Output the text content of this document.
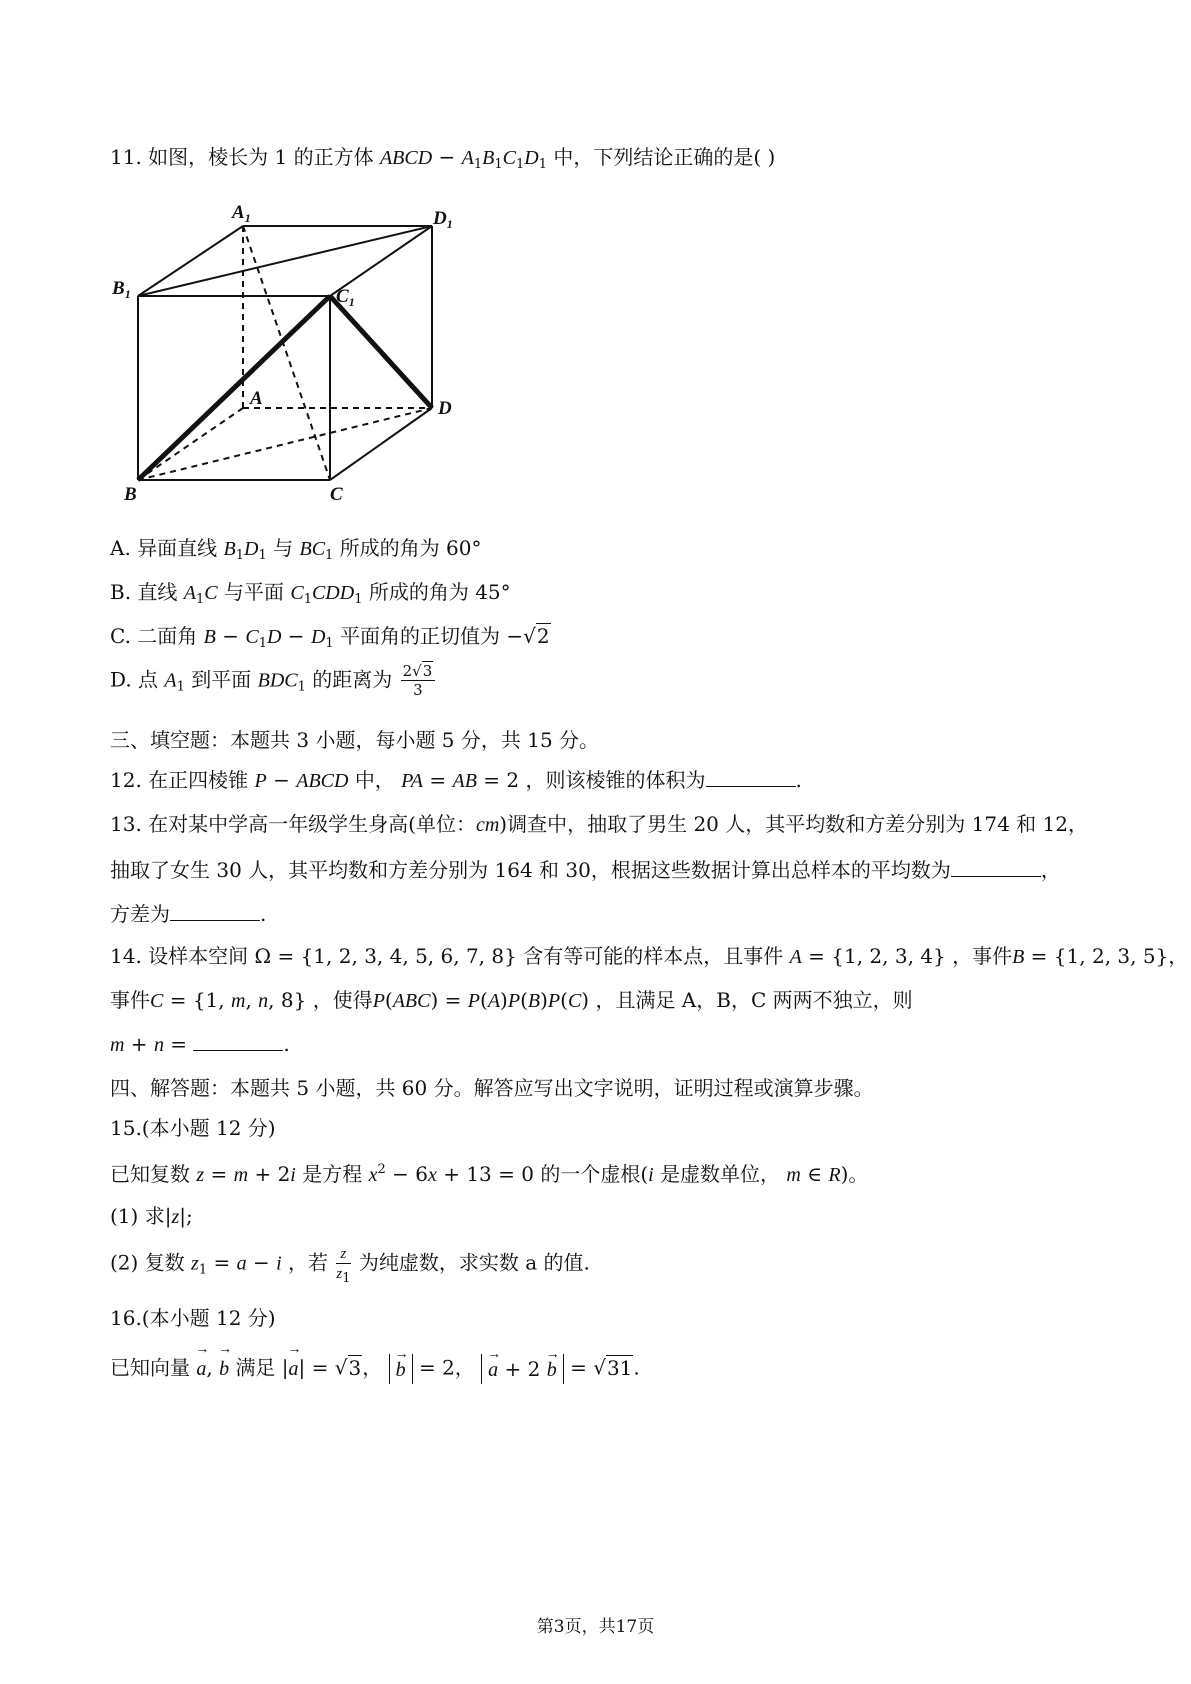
11. 如图，棱长为 1 的正方体 ABCD − $A_1B_1C_1D_1$ 中，下列结论正确的是( )
$A_1$	$D_1$
$B_1$	$C_1$
A	D
B	C
A. 异面直线 $B_1D_1$ 与 $BC_1$ 所成的角为 60°
B. 直线 $A_1C$ 与平面 $C_1CDD_1$ 所成的角为 45°
C. 二面角 $B - C_1D - D_1$ 平面角的正切值为 −√2
D. 点 $A_1$ 到平面 $BDC_1$ 的距离为 $\frac{2√3}{3}$
三、填空题：本题共 3 小题，每小题 5 分，共 15 分。
12. 在正四棱锥 P − ABCD 中， PA = AB = 2 ，则该棱锥的体积为	.
13. 在对某中学高一年级学生身高(单位：cm)调查中，抽取了男生 20 人，其平均数和方差分别为 174 和 12，
抽取了女生 30 人，其平均数和方差分别为 164 和 30，根据这些数据计算出总样本的平均数为	，
方差为	.
14. 设样本空间 Ω = {1, 2, 3, 4, 5, 6, 7, 8} 含有等可能的样本点，且事件 A = {1, 2, 3, 4} ，事件B = {1, 2, 3, 5}，
事件C = {1, m, n, 8} ，使得P(ABC) = P(A)P(B)P(C) ，且满足 A，B，C 两两不独立，则
m + n =	.
四、解答题：本题共 5 小题，共 60 分。解答应写出文字说明，证明过程或演算步骤。
15.(本小题 12 分)
已知复数 z = m + 2i 是方程 $x^2 - 6x + 13 = 0$ 的一个虚根(i 是虚数单位， m ∈ R)。
(1) 求|z|;
(2) 复数 $z_1 = a - i$ ，若 $\frac{z}{z_1}$ 为纯虚数，求实数 a 的值.
16.(本小题 12 分)
已知向量 → a, → b 满足 |→ a| = √3， → b = 2， → a + 2 → b = √31.
第3页，共17页
